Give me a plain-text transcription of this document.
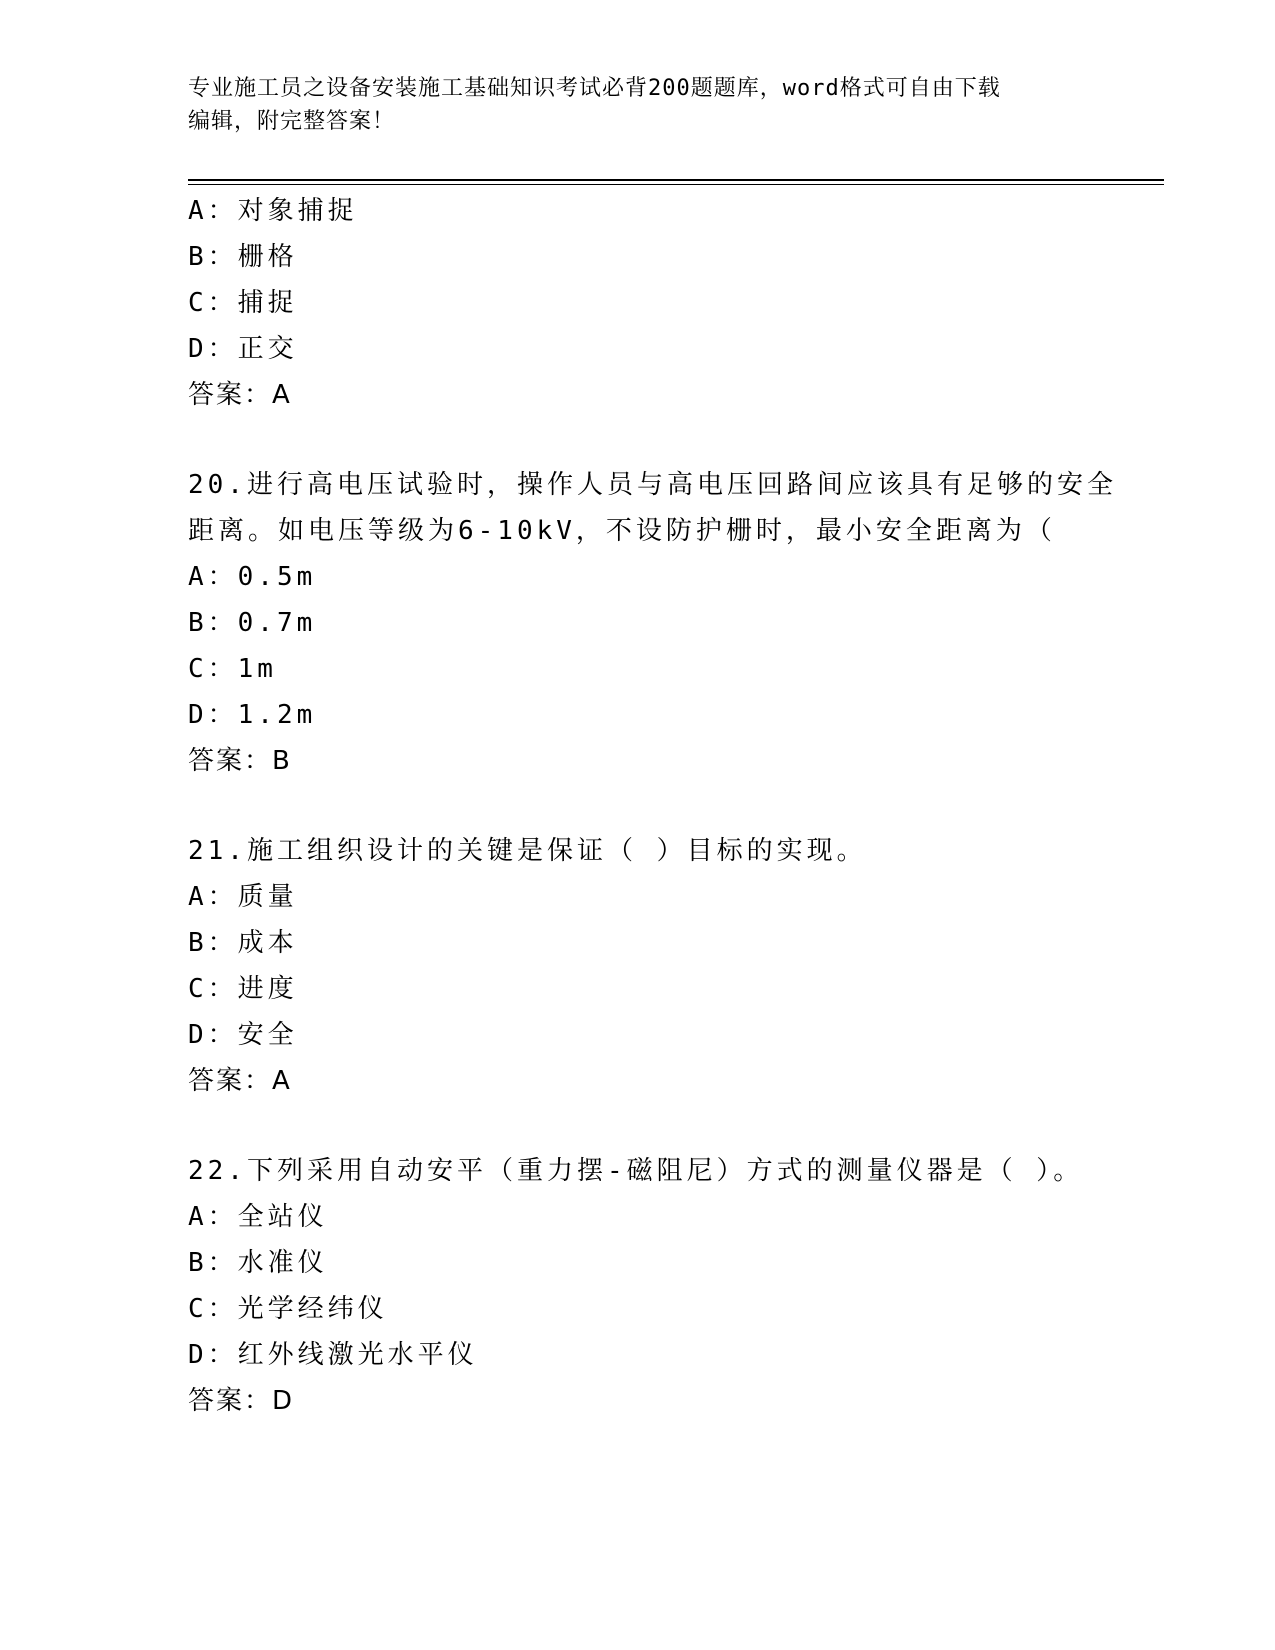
专业施工员之设备安装施工基础知识考试必背200题题库，word格式可自由下载
编辑，附完整答案！
A：对象捕捉
B：栅格
C：捕捉
D：正交
答案：A
20.进行高电压试验时，操作人员与高电压回路间应该具有足够的安全
距离。如电压等级为6-10kV，不设防护栅时，最小安全距离为（
A：0.5m
B：0.7m
C：1m
D：1.2m
答案：B
21.施工组织设计的关键是保证（ ）目标的实现。
A：质量
B：成本
C：进度
D：安全
答案：A
22.下列采用自动安平（重力摆-磁阻尼）方式的测量仪器是（ ）。
A：全站仪
B：水准仪
C：光学经纬仪
D：红外线激光水平仪
答案：D
